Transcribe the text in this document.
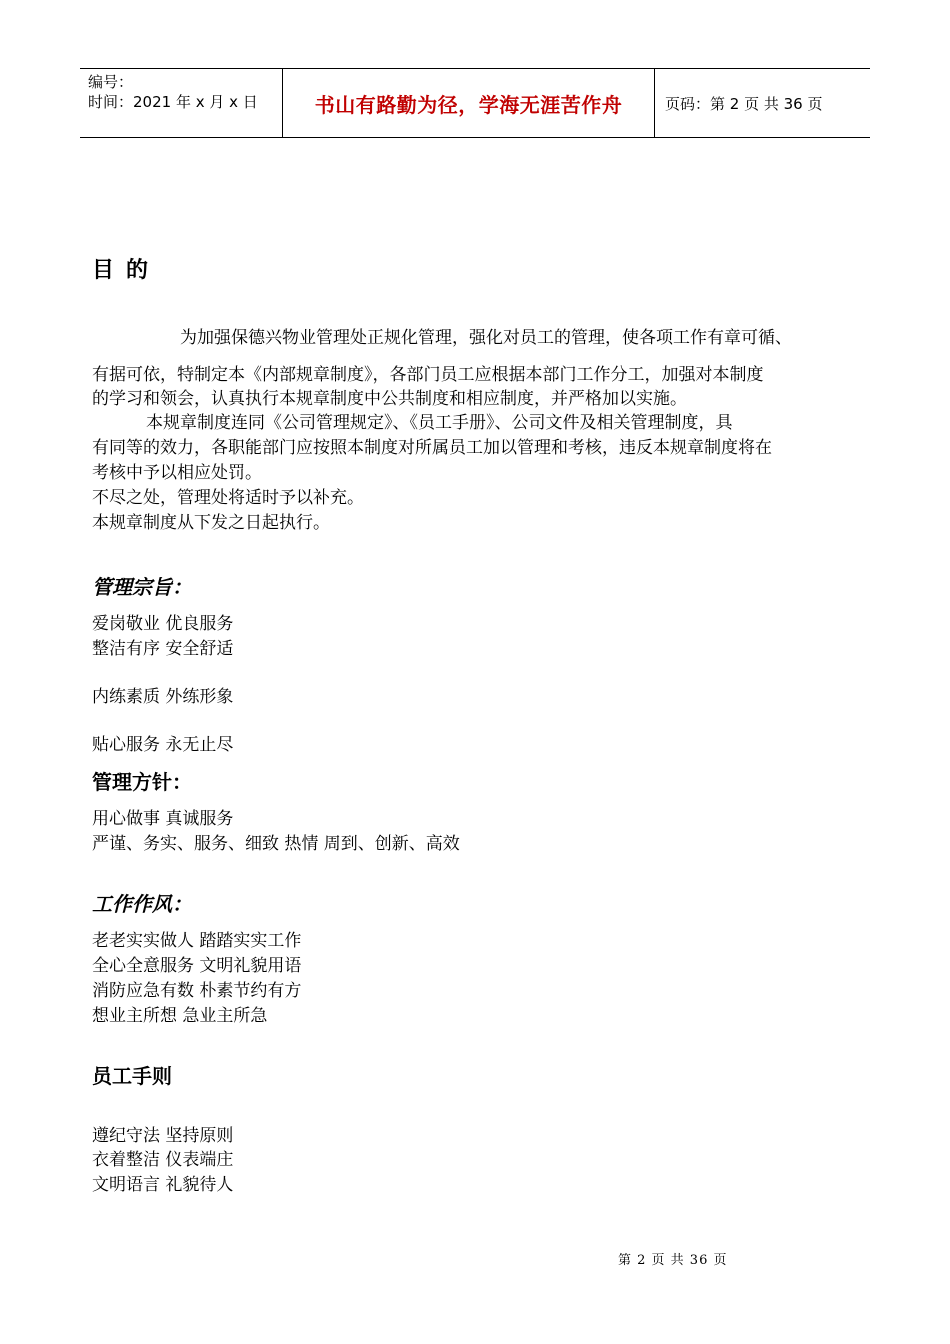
编号：
时间：2021 年 x 月 x 日	书山有路勤为径，学海无涯苦作舟	页码：第 2 页 共 36 页
目的
为加强保德兴物业管理处正规化管理，强化对员工的管理，使各项工作有章可循、
有据可依，特制定本《内部规章制度》，各部门员工应根据本部门工作分工，加强对本制度
的学习和领会，认真执行本规章制度中公共制度和相应制度，并严格加以实施。
本规章制度连同《公司管理规定》、《员工手册》、公司文件及相关管理制度，具
有同等的效力，各职能部门应按照本制度对所属员工加以管理和考核，违反本规章制度将在
考核中予以相应处罚。
不尽之处，管理处将适时予以补充。
本规章制度从下发之日起执行。
管理宗旨：
爱岗敬业 优良服务
整洁有序 安全舒适
内练素质 外练形象
贴心服务 永无止尽
管理方针：
用心做事 真诚服务
严谨、务实、服务、细致 热情 周到、创新、高效
工作作风：
老老实实做人 踏踏实实工作
全心全意服务 文明礼貌用语
消防应急有数 朴素节约有方
想业主所想 急业主所急
员工手则
遵纪守法 坚持原则
衣着整洁 仪表端庄
文明语言 礼貌待人
第 2 页 共 36 页
